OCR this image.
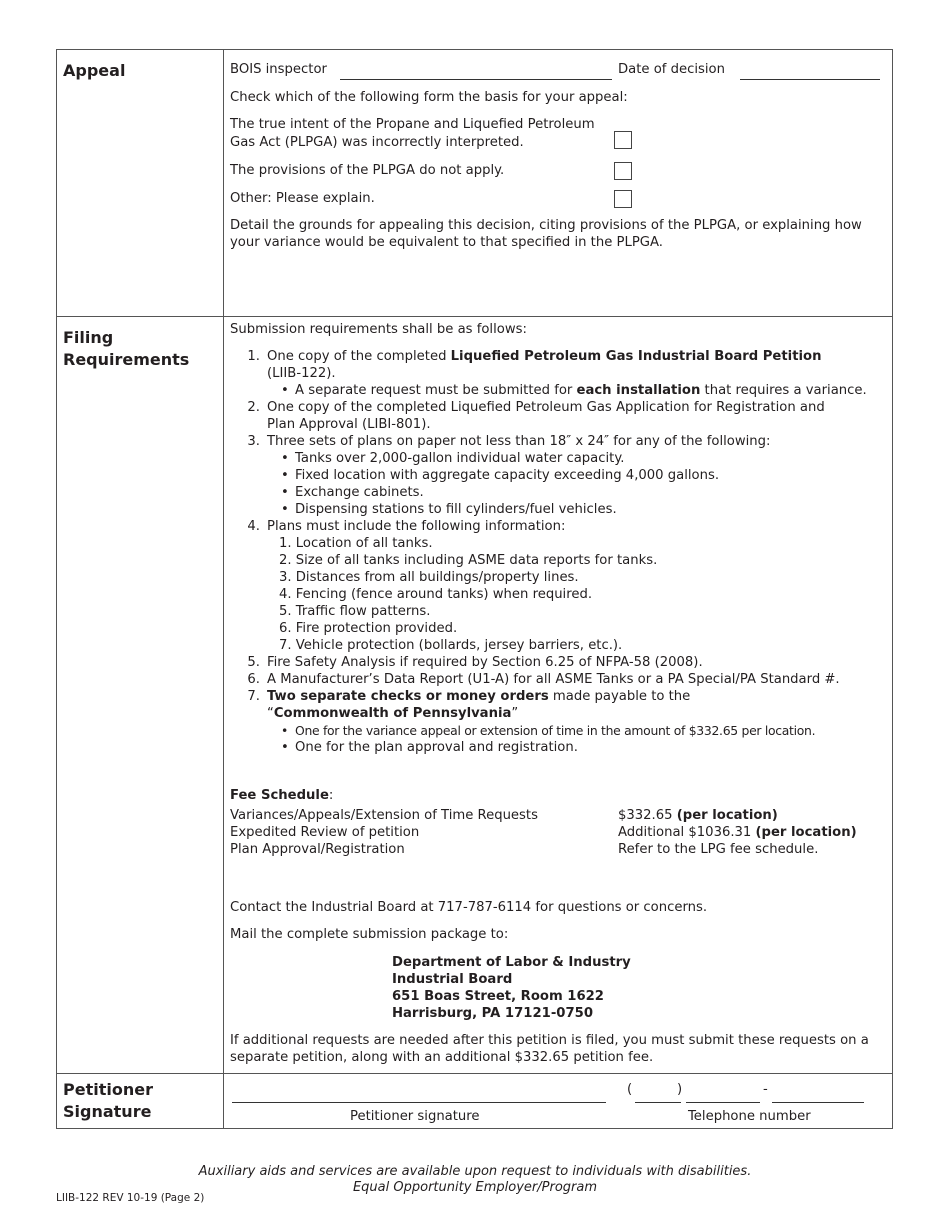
Appeal	BOIS inspector	Date of decision
Check which of the following form the basis for your appeal:
The true intent of the Propane and Liquefied Petroleum
Gas Act (PLPGA) was incorrectly interpreted.
The provisions of the PLPGA do not apply.
Other: Please explain.
Detail the grounds for appealing this decision, citing provisions of the PLPGA, or explaining how
your variance would be equivalent to that specified in the PLPGA.
Filing
Requirements
Submission requirements shall be as follows:
1. One copy of the completed Liquefied Petroleum Gas Industrial Board Petition
(LIIB-122).
• A separate request must be submitted for each installation that requires a variance.
2. One copy of the completed Liquefied Petroleum Gas Application for Registration and
Plan Approval (LIBI-801).
3. Three sets of plans on paper not less than 18″ x 24″ for any of the following:
• Tanks over 2,000-gallon individual water capacity.
• Fixed location with aggregate capacity exceeding 4,000 gallons.
• Exchange cabinets.
• Dispensing stations to fill cylinders/fuel vehicles.
4. Plans must include the following information:
1. Location of all tanks.
2. Size of all tanks including ASME data reports for tanks.
3. Distances from all buildings/property lines.
4. Fencing (fence around tanks) when required.
5. Traffic flow patterns.
6. Fire protection provided.
7. Vehicle protection (bollards, jersey barriers, etc.).
5. Fire Safety Analysis if required by Section 6.25 of NFPA-58 (2008).
6. A Manufacturer’s Data Report (U1-A) for all ASME Tanks or a PA Special/PA Standard #.
7. Two separate checks or money orders made payable to the
“Commonwealth of Pennsylvania”
• One for the variance appeal or extension of time in the amount of $332.65 per location.
• One for the plan approval and registration.
Fee Schedule:
Variances/Appeals/Extension of Time Requests	$332.65 (per location)
Expedited Review of petition	Additional $1036.31 (per location)
Plan Approval/Registration	Refer to the LPG fee schedule.
Contact the Industrial Board at 717-787-6114 for questions or concerns.
Mail the complete submission package to:
Department of Labor & Industry
Industrial Board
651 Boas Street, Room 1622
Harrisburg, PA 17121-0750
If additional requests are needed after this petition is filed, you must submit these requests on a
separate petition, along with an additional $332.65 petition fee.
Petitioner
Signature	Petitioner signature
(	)	-
Telephone number
Auxiliary aids and services are available upon request to individuals with disabilities.
Equal Opportunity Employer/Program
LIIB-122 REV 10-19 (Page 2)
